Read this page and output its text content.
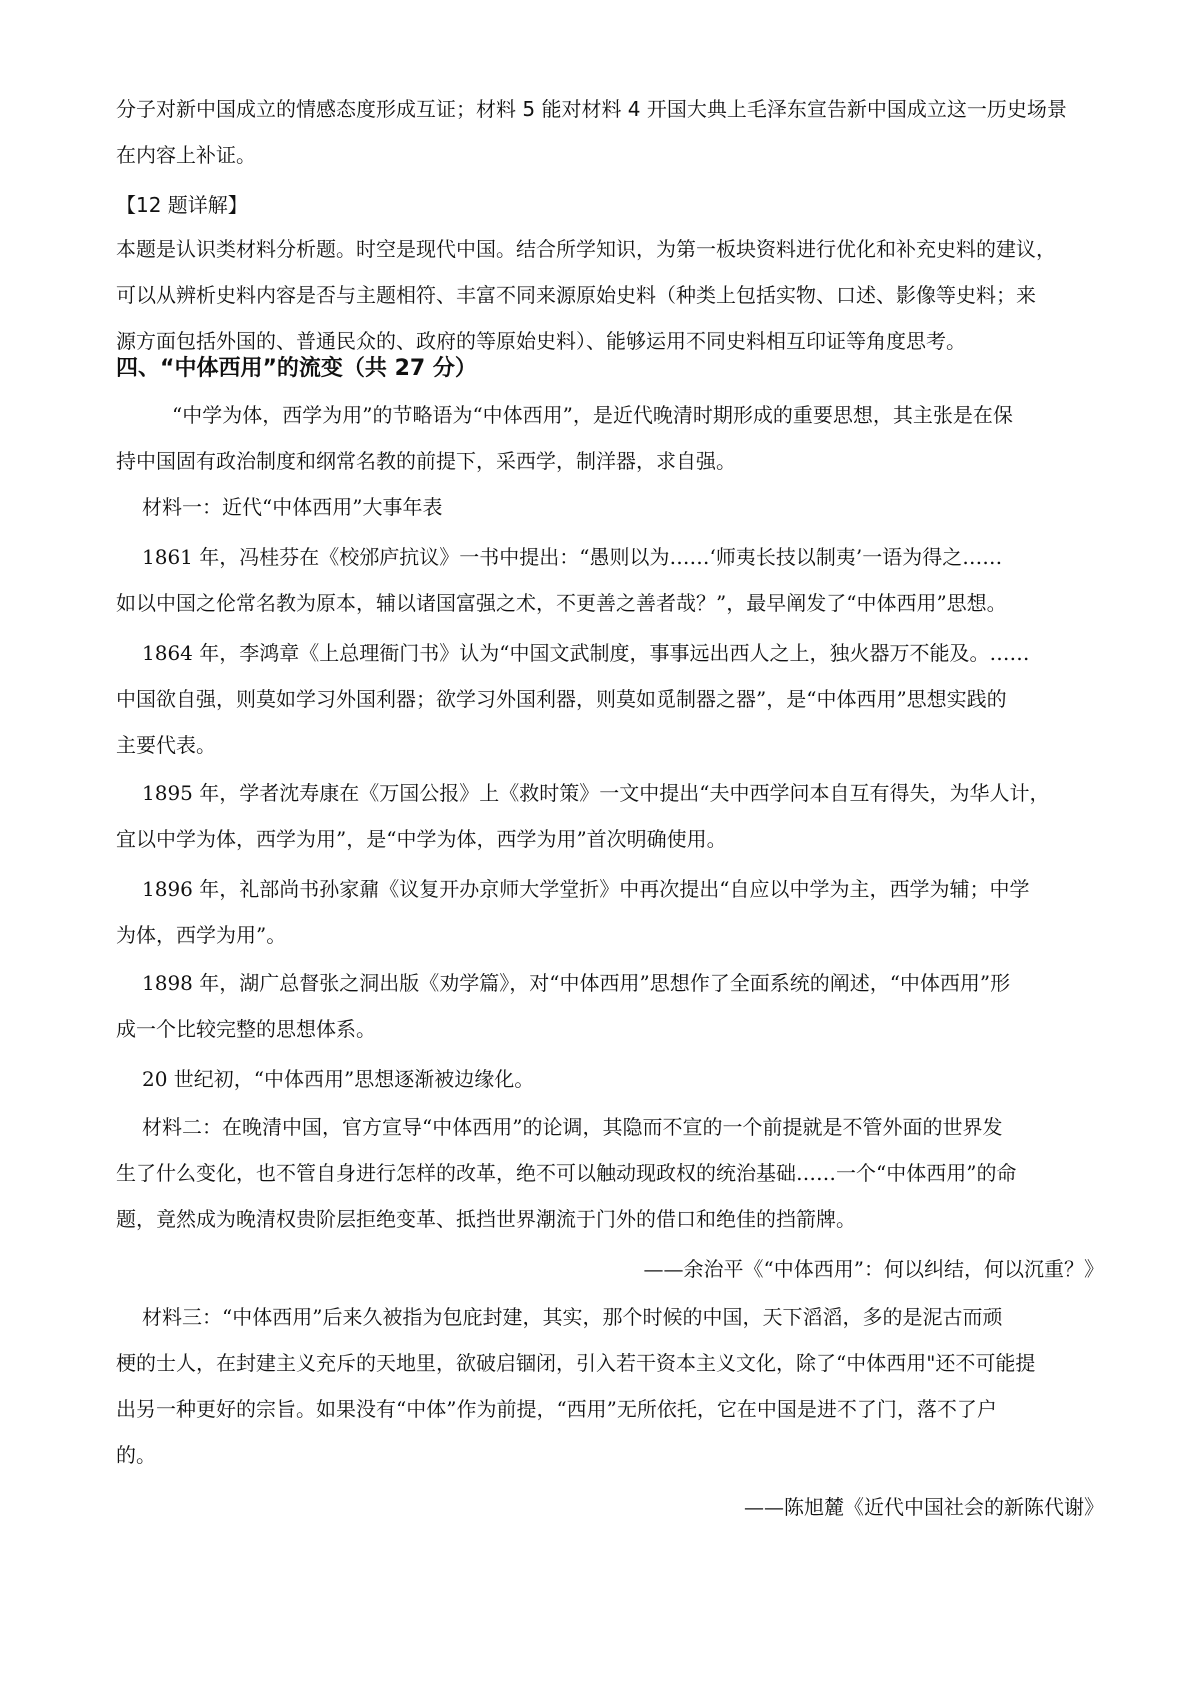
分子对新中国成立的情感态度形成互证；材料 5 能对材料 4 开国大典上毛泽东宣告新中国成立这一历史场景
在内容上补证。
【12 题详解】
本题是认识类材料分析题。时空是现代中国。结合所学知识，为第一板块资料进行优化和补充史料的建议，
可以从辨析史料内容是否与主题相符、丰富不同来源原始史料（种类上包括实物、口述、影像等史料；来
源方面包括外国的、普通民众的、政府的等原始史料）、能够运用不同史料相互印证等角度思考。
四、“中体西用”的流变（共 27 分）
“中学为体，西学为用”的节略语为“中体西用”，是近代晚清时期形成的重要思想，其主张是在保
持中国固有政治制度和纲常名教的前提下，采西学，制洋器，求自强。
材料一：近代“中体西用”大事年表
1861 年，冯桂芬在《校邠庐抗议》一书中提出：“愚则以为……‘师夷长技以制夷’一语为得之……
如以中国之伦常名教为原本，辅以诸国富强之术，不更善之善者哉？”，最早阐发了“中体西用”思想。
1864 年，李鸿章《上总理衙门书》认为“中国文武制度，事事远出西人之上，独火器万不能及。……
中国欲自强，则莫如学习外国利器；欲学习外国利器，则莫如觅制器之器”，是“中体西用”思想实践的
主要代表。
1895 年，学者沈寿康在《万国公报》上《救时策》一文中提出“夫中西学问本自互有得失，为华人计，
宜以中学为体，西学为用”，是“中学为体，西学为用”首次明确使用。
1896 年，礼部尚书孙家鼐《议复开办京师大学堂折》中再次提出“自应以中学为主，西学为辅；中学
为体，西学为用”。
1898 年，湖广总督张之洞出版《劝学篇》，对“中体西用”思想作了全面系统的阐述，“中体西用”形
成一个比较完整的思想体系。
20 世纪初，“中体西用”思想逐渐被边缘化。
材料二：在晚清中国，官方宣导“中体西用”的论调，其隐而不宣的一个前提就是不管外面的世界发
生了什么变化，也不管自身进行怎样的改革，绝不可以触动现政权的统治基础……一个“中体西用”的命
题，竟然成为晚清权贵阶层拒绝变革、抵挡世界潮流于门外的借口和绝佳的挡箭牌。
——余治平《“中体西用”：何以纠结，何以沉重？》
材料三：“中体西用”后来久被指为包庇封建，其实，那个时候的中国，天下滔滔，多的是泥古而顽
梗的士人，在封建主义充斥的天地里，欲破启锢闭，引入若干资本主义文化，除了“中体西用"还不可能提
出另一种更好的宗旨。如果没有“中体”作为前提，“西用”无所依托，它在中国是进不了门，落不了户
的。
——陈旭麓《近代中国社会的新陈代谢》
